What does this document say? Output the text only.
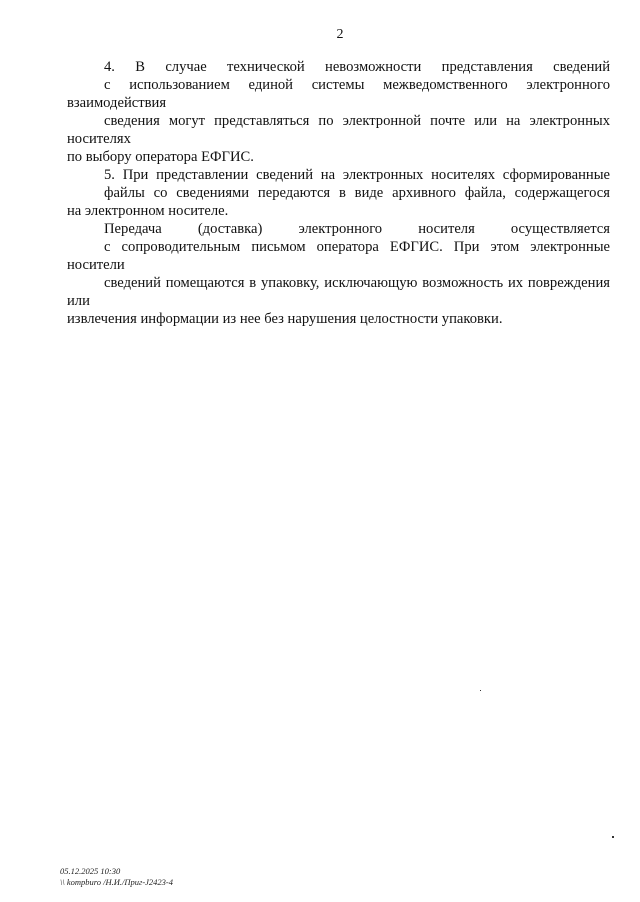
2
4. В случае технической невозможности представления сведений
с использованием единой системы межведомственного электронного взаимодействия
сведения могут представляться по электронной почте или на электронных носителях
по выбору оператора ЕФГИС.
5. При представлении сведений на электронных носителях сформированные
файлы со сведениями передаются в виде архивного файла, содержащегося
на электронном носителе.
Передача (доставка) электронного носителя осуществляется
с сопроводительным письмом оператора ЕФГИС. При этом электронные носители
сведений помещаются в упаковку, исключающую возможность их повреждения или
извлечения информации из нее без нарушения целостности упаковки.
05.12.2025 10:30
\\ kompburo /Н.И./Приг-J2423-4
